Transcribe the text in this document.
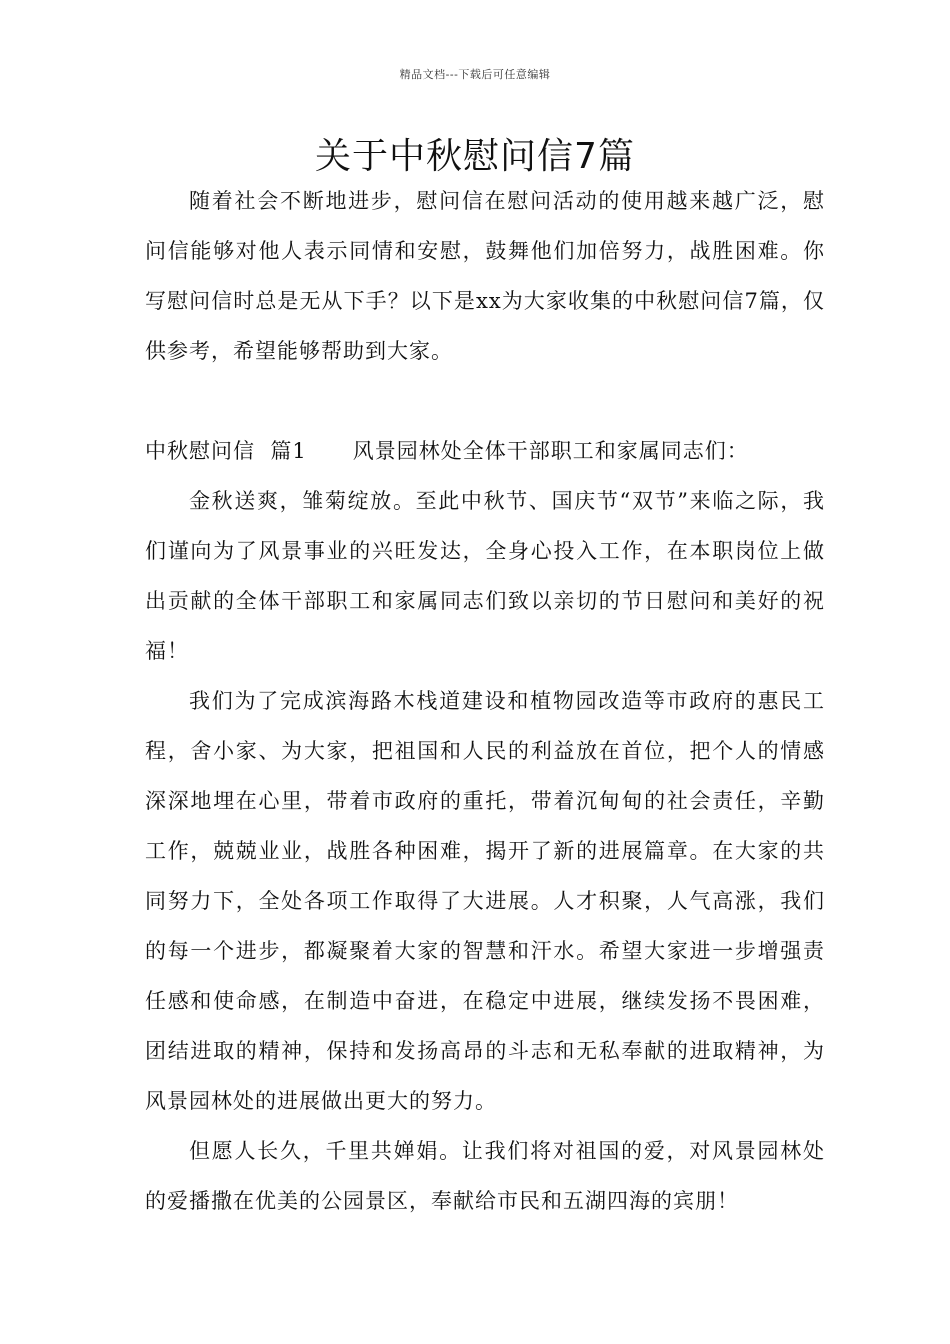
精品文档---下载后可任意编辑
关于中秋慰问信7篇

随着社会不断地进步，慰问信在慰问活动的使用越来越广泛，慰问信能够对他人表示同情和安慰，鼓舞他们加倍努力，战胜困难。你写慰问信时总是无从下手？以下是xx为大家收集的中秋慰问信7篇，仅供参考，希望能够帮助到大家。

中秋慰问信  篇1 风景园林处全体干部职工和家属同志们：

金秋送爽，雏菊绽放。至此中秋节、国庆节“双节”来临之际，我们谨向为了风景事业的兴旺发达，全身心投入工作，在本职岗位上做出贡献的全体干部职工和家属同志们致以亲切的节日慰问和美好的祝福！

我们为了完成滨海路木栈道建设和植物园改造等市政府的惠民工程，舍小家、为大家，把祖国和人民的利益放在首位，把个人的情感深深地埋在心里，带着市政府的重托，带着沉甸甸的社会责任，辛勤工作，兢兢业业，战胜各种困难，揭开了新的进展篇章。在大家的共同努力下，全处各项工作取得了大进展。人才积聚，人气高涨，我们的每一个进步，都凝聚着大家的智慧和汗水。希望大家进一步增强责任感和使命感，在制造中奋进，在稳定中进展，继续发扬不畏困难，团结进取的精神，保持和发扬高昂的斗志和无私奉献的进取精神，为风景园林处的进展做出更大的努力。

但愿人长久，千里共婵娟。让我们将对祖国的爱，对风景园林处的爱播撒在优美的公园景区，奉献给市民和五湖四海的宾朋！
